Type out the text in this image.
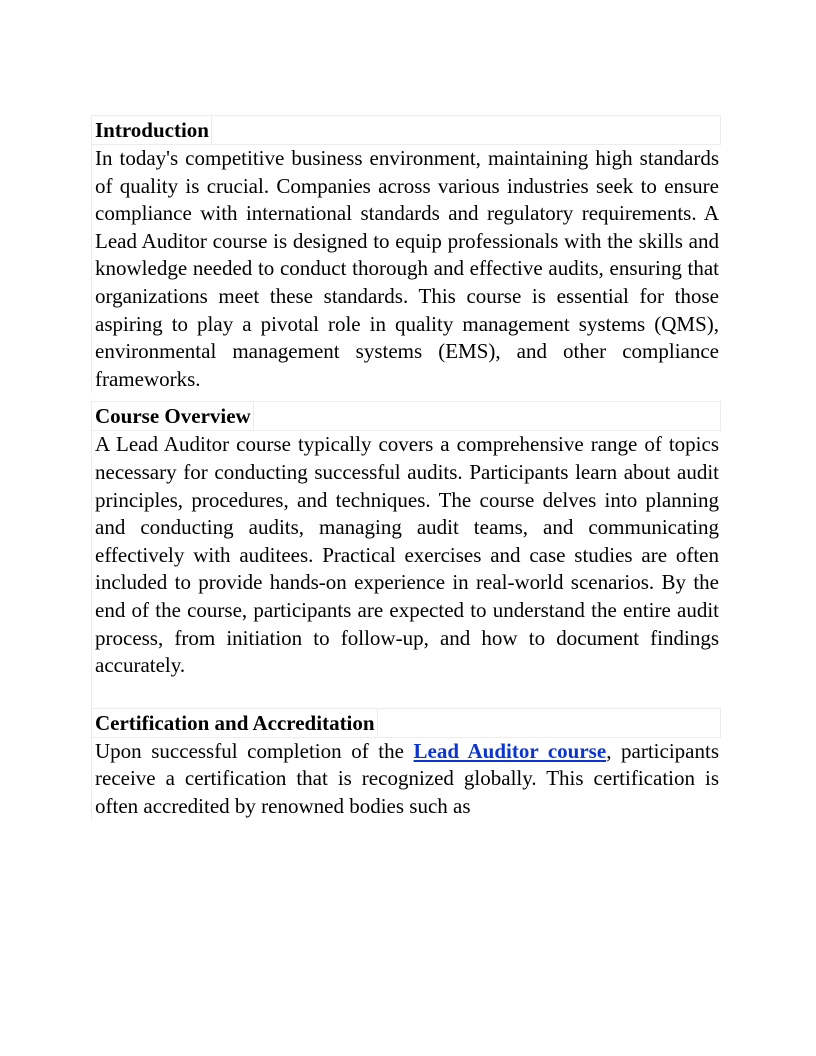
Introduction

In today's competitive business environment, maintaining high standards of quality is crucial. Companies across various industries seek to ensure compliance with international standards and regulatory requirements. A Lead Auditor course is designed to equip professionals with the skills and knowledge needed to conduct thorough and effective audits, ensuring that organizations meet these standards. This course is essential for those aspiring to play a pivotal role in quality management systems (QMS), environmental management systems (EMS), and other compliance frameworks.

Course Overview

A Lead Auditor course typically covers a comprehensive range of topics necessary for conducting successful audits. Participants learn about audit principles, procedures, and techniques. The course delves into planning and conducting audits, managing audit teams, and communicating effectively with auditees. Practical exercises and case studies are often included to provide hands-on experience in real-world scenarios. By the end of the course, participants are expected to understand the entire audit process, from initiation to follow-up, and how to document findings accurately.

Certification and Accreditation

Upon successful completion of the Lead Auditor course, participants receive a certification that is recognized globally. This certification is often accredited by renowned bodies such as
